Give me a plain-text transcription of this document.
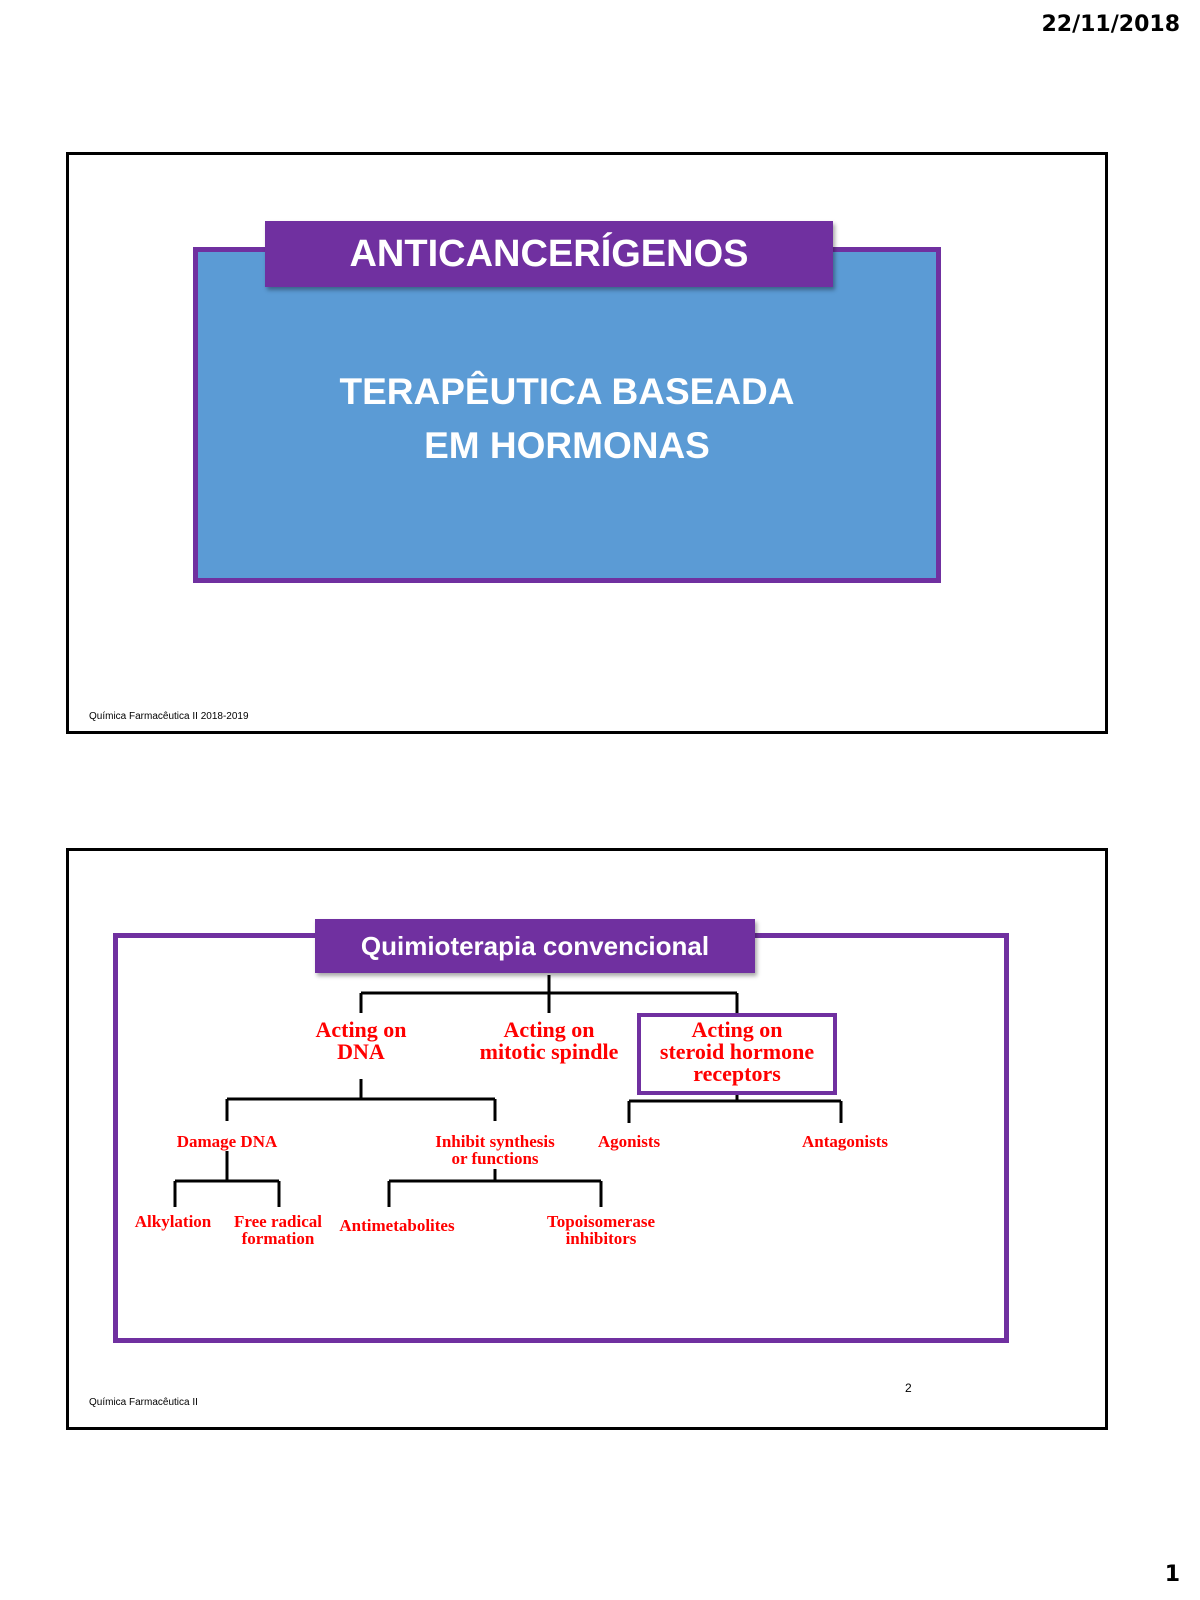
22/11/2018
ANTICANCERÍGENOS
TERAPÊUTICA BASEADA
EM HORMONAS
Química Farmacêutica II 2018-2019
Quimioterapia convencional
Acting on
DNA
Acting on
mitotic spindle
Acting on
steroid hormone
receptors
Damage DNA	Inhibit synthesis
or functions
Agonists	Antagonists
Alkylation	Free radical
formation
Antimetabolites	Topoisomerase
inhibitors
2
Química Farmacêutica II
1
